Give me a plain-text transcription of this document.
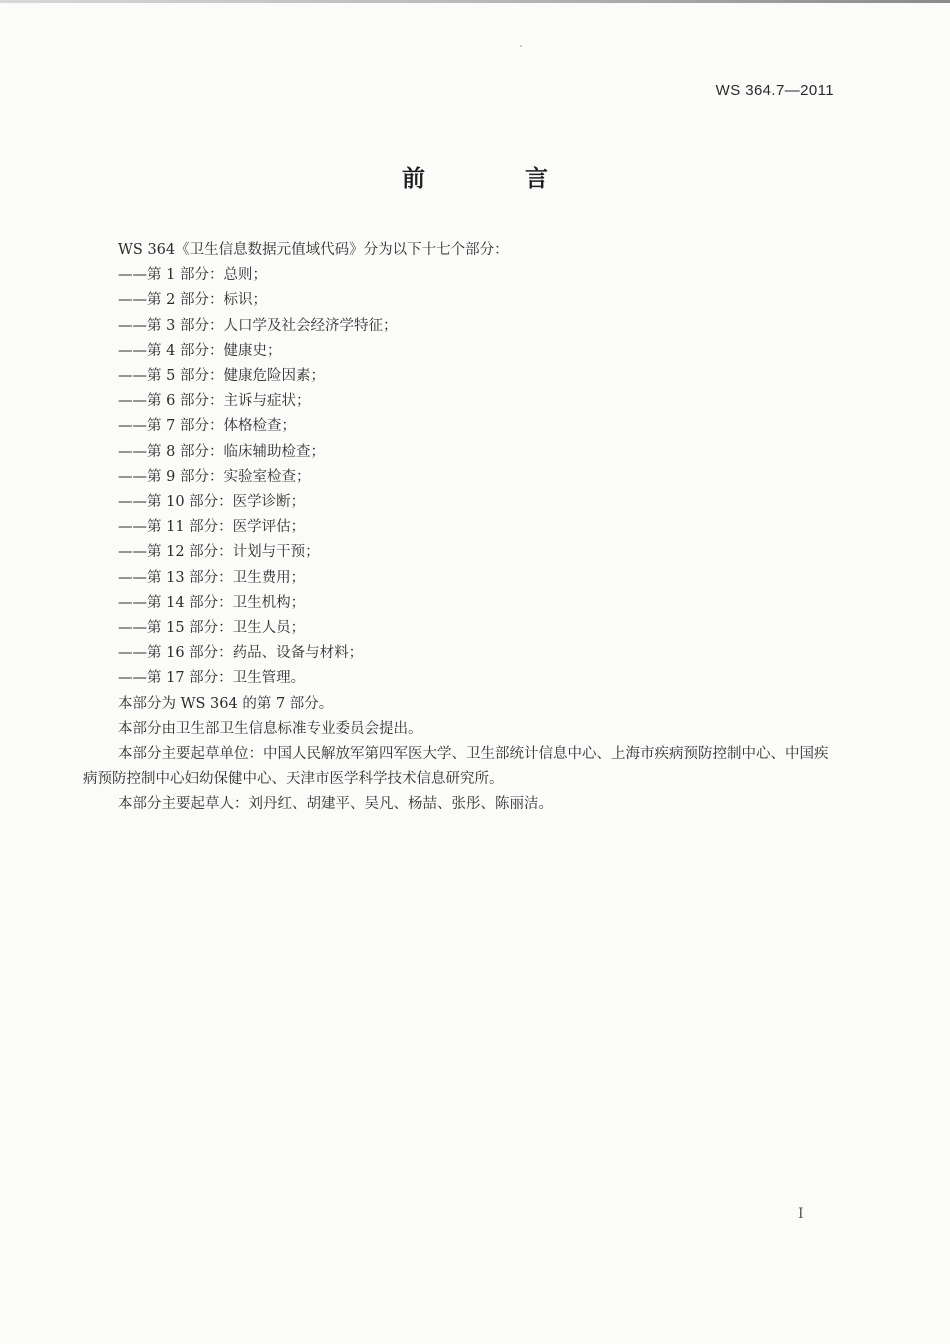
WS 364.7—2011
前 言

WS 364《卫生信息数据元值域代码》分为以下十七个部分：

——第 1 部分：总则；
——第 2 部分：标识；
——第 3 部分：人口学及社会经济学特征；
——第 4 部分：健康史；
——第 5 部分：健康危险因素；
——第 6 部分：主诉与症状；
——第 7 部分：体格检查；
——第 8 部分：临床辅助检查；
——第 9 部分：实验室检查；
——第 10 部分：医学诊断；
——第 11 部分：医学评估；
——第 12 部分：计划与干预；
——第 13 部分：卫生费用；
——第 14 部分：卫生机构；
——第 15 部分：卫生人员；
——第 16 部分：药品、设备与材料；
——第 17 部分：卫生管理。

本部分为 WS 364 的第 7 部分。

本部分由卫生部卫生信息标准专业委员会提出。

本部分主要起草单位：中国人民解放军第四军医大学、卫生部统计信息中心、上海市疾病预防控制中心、中国疾病预防控制中心妇幼保健中心、天津市医学科学技术信息研究所。

本部分主要起草人：刘丹红、胡建平、吴凡、杨喆、张彤、陈丽洁。

I
